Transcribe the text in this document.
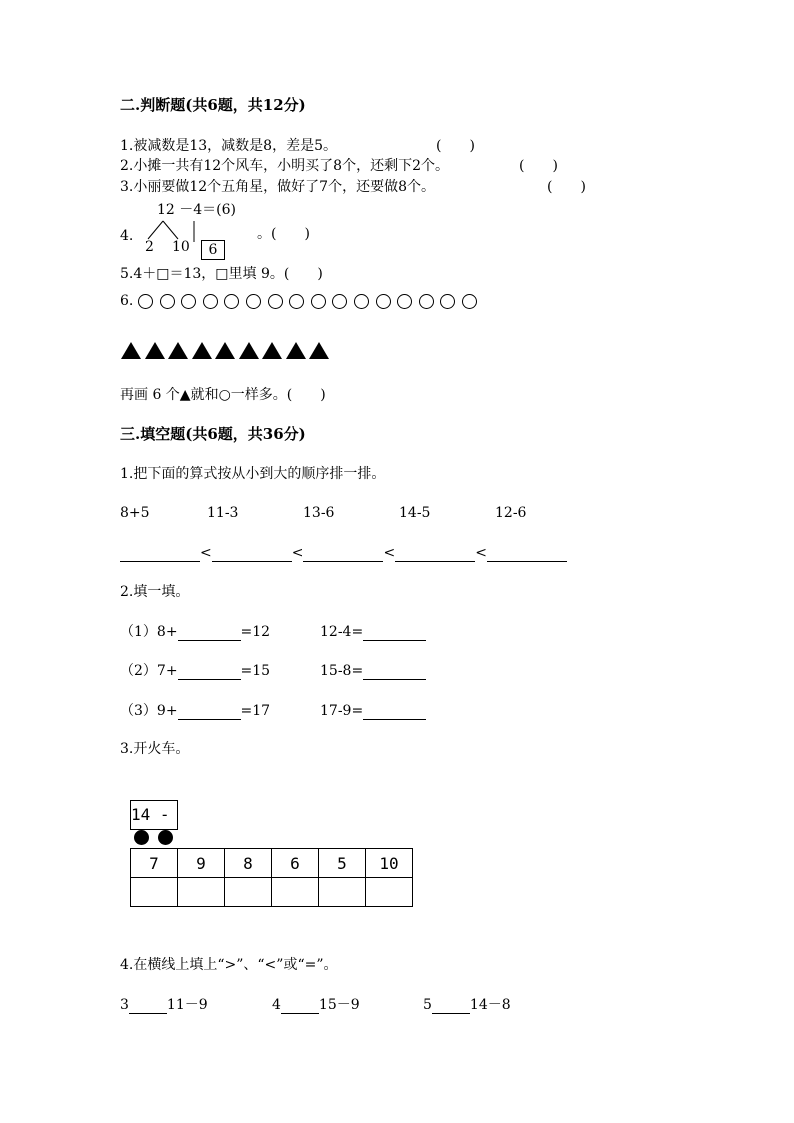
二.判断题(共6题，共12分)
1.被减数是13，减数是8，差是5。	(　　)
2.小摊一共有12个风车，小明买了8个，还剩下2个。	(　　)
3.小丽要做12个五角星，做好了7个，还要做8个。	(　　)
4.
12 －4＝(6)
2 10	6
。(　　)
5.4＋□＝13，□里填 9。(　　)
6.
再画 6 个▲就和○一样多。(　　)
三.填空题(共6题，共36分)
1.把下面的算式按从小到大的顺序排一排。
8+5	11-3	13-6	14-5	12-6
<	<	<	<
2.填一填。
（1）8+	=12	12-4=
（2）7+	=15	15-8=
（3）9+	=17	17-9=
3.开火车。
14 -
7	9	8	6	5	10

4.在横线上填上“>”、“<”或“=”。
3	11－9	4	15－9	5	14－8
